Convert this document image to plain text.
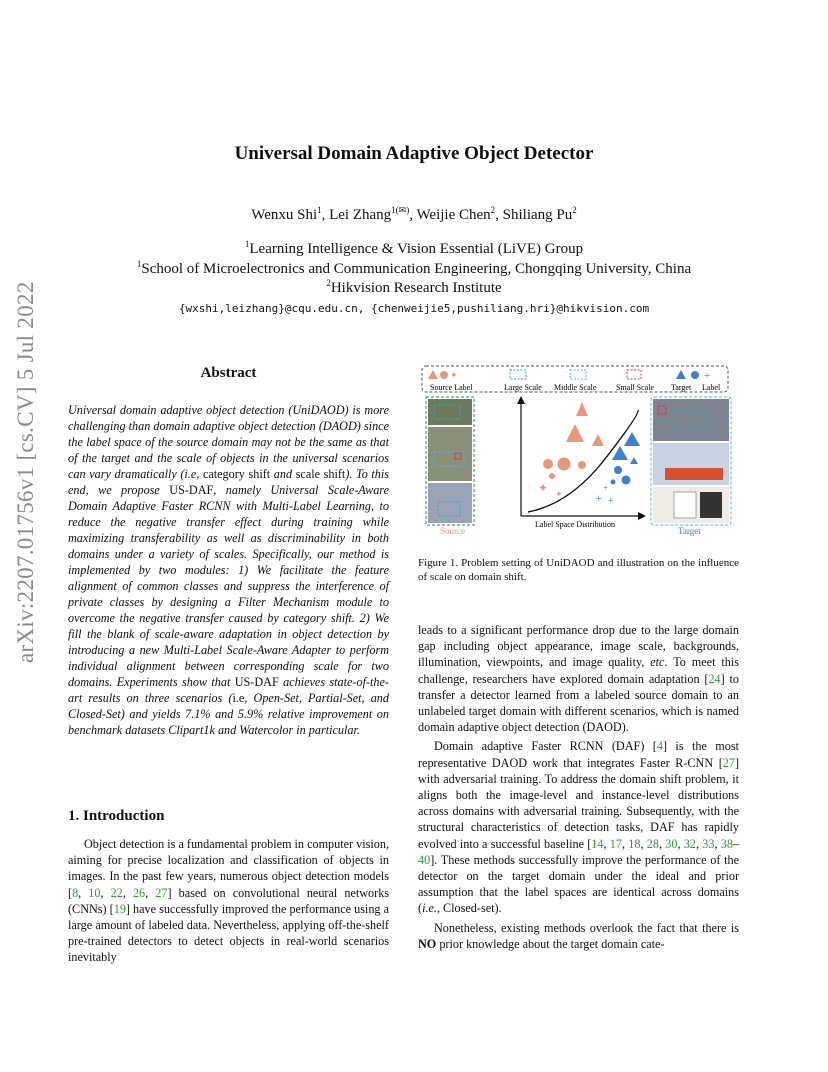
arXiv:2207.01756v1 [cs.CV] 5 Jul 2022
Universal Domain Adaptive Object Detector
Wenxu Shi$^1$, Lei Zhang$^{1(✉)}$, Weijie Chen$^2$, Shiliang Pu$^2$
$^1$Learning Intelligence & Vision Essential (LiVE) Group
$^1$School of Microelectronics and Communication Engineering, Chongqing University, China
$^2$Hikvision Research Institute
{wxshi,leizhang}@cqu.edu.cn, {chenweijie5,pushiliang.hri}@hikvision.com
Abstract
Universal domain adaptive object detection (UniDAOD) is more challenging than domain adaptive object detection (DAOD) since the label space of the source domain may not be the same as that of the target and the scale of objects in the universal scenarios can vary dramatically (i.e, category shift and scale shift). To this end, we propose US-DAF, namely Universal Scale-Aware Domain Adaptive Faster RCNN with Multi-Label Learning, to reduce the negative transfer effect during training while maximizing transferability as well as discriminability in both domains under a variety of scales. Specifically, our method is implemented by two modules: 1) We facilitate the feature alignment of common classes and suppress the interference of private classes by designing a Filter Mechanism module to overcome the negative transfer caused by category shift. 2) We fill the blank of scale-aware adaptation in object detection by introducing a new Multi-Label Scale-Aware Adapter to perform individual alignment between corresponding scale for two domains. Experiments show that US-DAF achieves state-of-the-art results on three scenarios (i.e, Open-Set, Partial-Set, and Closed-Set) and yields 7.1% and 5.9% relative improvement on benchmark datasets Clipart1k and Watercolor in particular.
1. Introduction

Object detection is a fundamental problem in computer vision, aiming for precise localization and classification of objects in images. In the past few years, numerous object detection models [8, 10, 22, 26, 27] based on convolutional neural networks (CNNs) [19] have successfully improved the performance using a large amount of labeled data. Nevertheless, applying off-the-shelf pre-trained detectors to detect objects in real-world scenarios inevitably

✦
Source Label	Large Scale Middle Scale Small Scale
+
Target Label
Source
Label Space Distribution
✦ ✦	+
+
+
Target
Figure 1. Problem setting of UniDAOD and illustration on the influence of scale on domain shift.

leads to a significant performance drop due to the large domain gap including object appearance, image scale, backgrounds, illumination, viewpoints, and image quality, etc. To meet this challenge, researchers have explored domain adaptation [24] to transfer a detector learned from a labeled source domain to an unlabeled target domain with different scenarios, which is named domain adaptive object detection (DAOD).

Domain adaptive Faster RCNN (DAF) [4] is the most representative DAOD work that integrates Faster R-CNN [27] with adversarial training. To address the domain shift problem, it aligns both the image-level and instance-level distributions across domains with adversarial training. Subsequently, with the structural characteristics of detection tasks, DAF has rapidly evolved into a successful baseline [14, 17, 18, 28, 30, 32, 33, 38–40]. These methods successfully improve the performance of the detector on the target domain under the ideal and prior assumption that the label spaces are identical across domains (i.e., Closed-set).

Nonetheless, existing methods overlook the fact that there is NO prior knowledge about the target domain cate-
